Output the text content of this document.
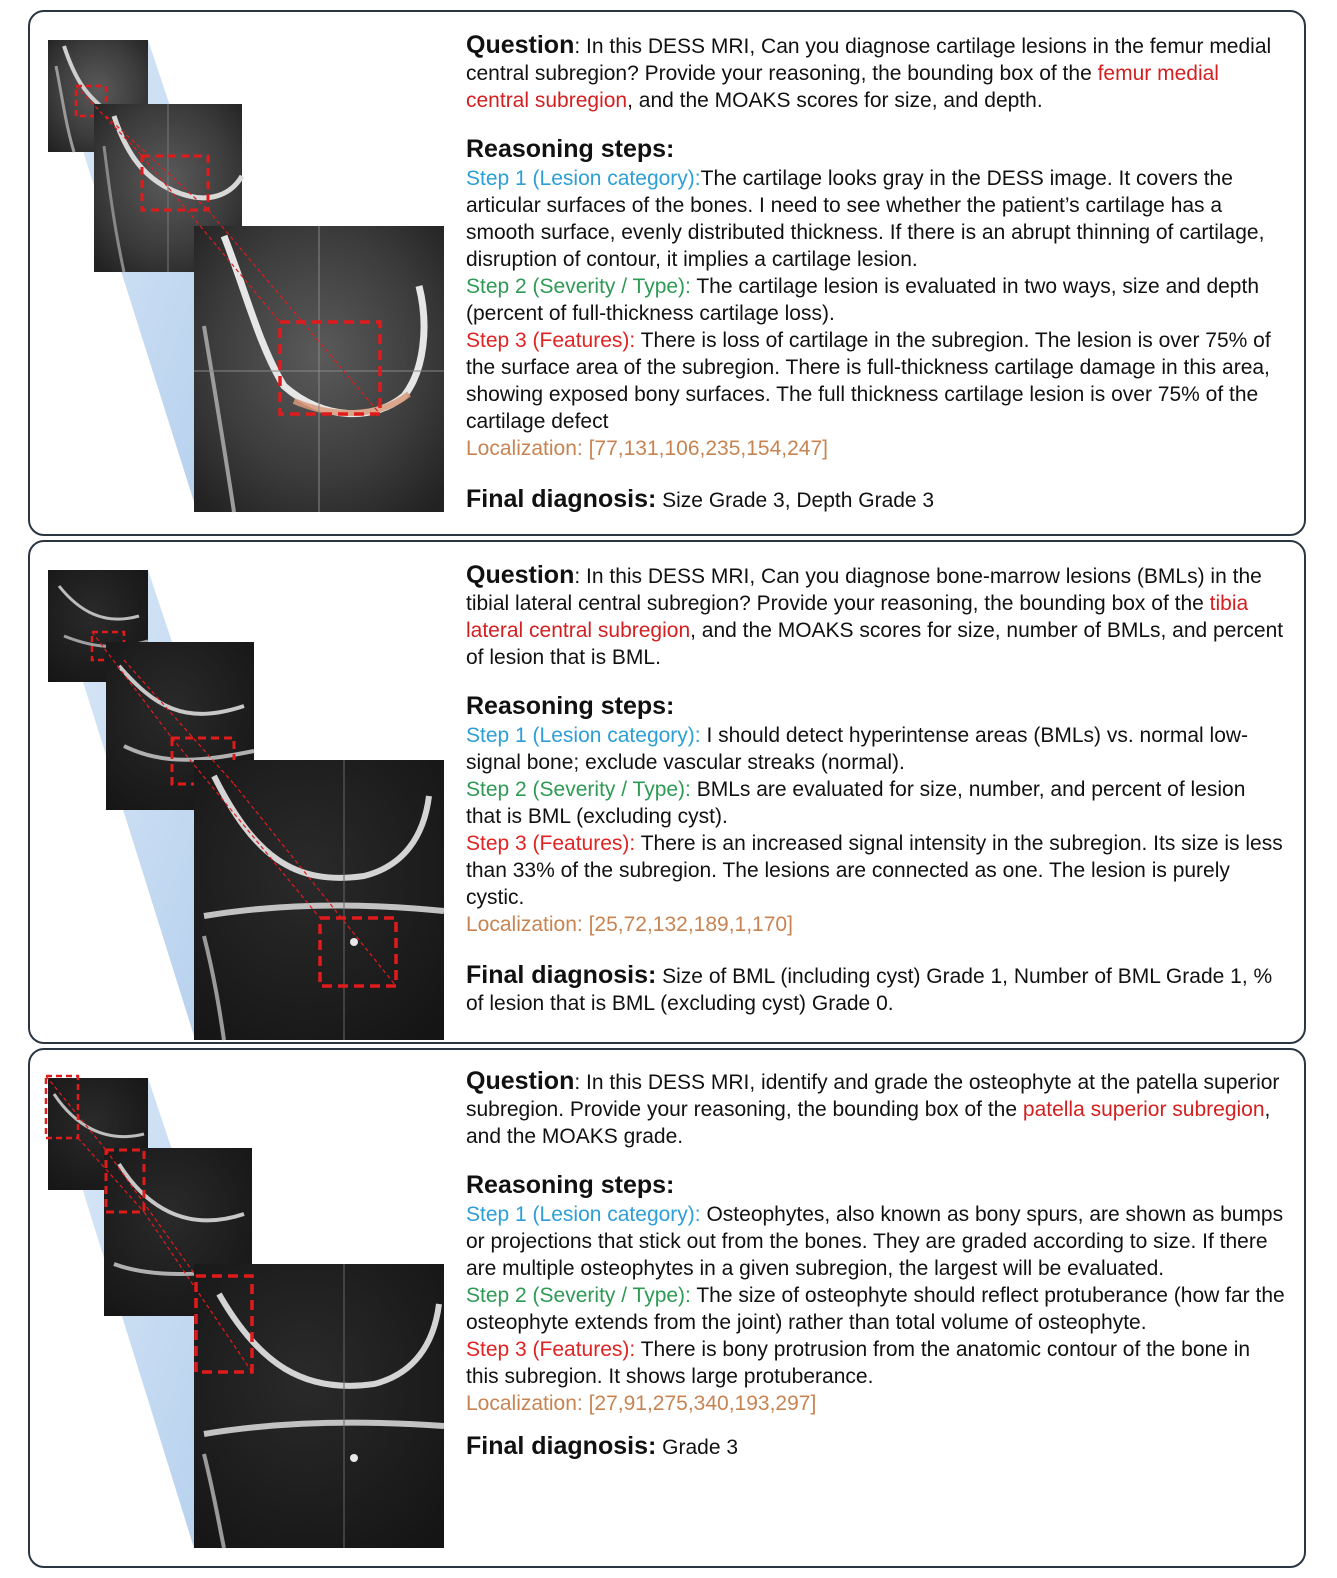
Question: In this DESS MRI, Can you diagnose cartilage lesions in the femur medial central subregion? Provide your reasoning, the bounding box of the femur medial central subregion, and the MOAKS scores for size, and depth.

Reasoning steps:

Step 1 (Lesion category):The cartilage looks gray in the DESS image. It covers the articular surfaces of the bones. I need to see whether the patient’s cartilage has a smooth surface, evenly distributed thickness. If there is an abrupt thinning of cartilage, disruption of contour, it implies a cartilage lesion.

Step 2 (Severity / Type): The cartilage lesion is evaluated in two ways, size and depth (percent of full-thickness cartilage loss).

Step 3 (Features): There is loss of cartilage in the subregion. The lesion is over 75% of the surface area of the subregion. There is full-thickness cartilage damage in this area, showing exposed bony surfaces. The full thickness cartilage lesion is over 75% of the cartilage defect

Localization: [77,131,106,235,154,247]

Final diagnosis: Size Grade 3, Depth Grade 3

Question: In this DESS MRI, Can you diagnose bone-marrow lesions (BMLs) in the tibial lateral central subregion? Provide your reasoning, the bounding box of the tibia lateral central subregion, and the MOAKS scores for size, number of BMLs, and percent of lesion that is BML.

Reasoning steps:

Step 1 (Lesion category): I should detect hyperintense areas (BMLs) vs. normal low-signal bone; exclude vascular streaks (normal).

Step 2 (Severity / Type): BMLs are evaluated for size, number, and percent of lesion that is BML (excluding cyst).

Step 3 (Features): There is an increased signal intensity in the subregion. Its size is less than 33% of the subregion. The lesions are connected as one. The lesion is purely cystic.

Localization: [25,72,132,189,1,170]

Final diagnosis: Size of BML (including cyst) Grade 1, Number of BML Grade 1, % of lesion that is BML (excluding cyst) Grade 0.

Question: In this DESS MRI, identify and grade the osteophyte at the patella superior subregion. Provide your reasoning, the bounding box of the patella superior subregion, and the MOAKS grade.

Reasoning steps:

Step 1 (Lesion category): Osteophytes, also known as bony spurs, are shown as bumps or projections that stick out from the bones. They are graded according to size. If there are multiple osteophytes in a given subregion, the largest will be evaluated.

Step 2 (Severity / Type): The size of osteophyte should reflect protuberance (how far the osteophyte extends from the joint) rather than total volume of osteophyte.

Step 3 (Features): There is bony protrusion from the anatomic contour of the bone in this subregion. It shows large protuberance.

Localization: [27,91,275,340,193,297]

Final diagnosis: Grade 3
